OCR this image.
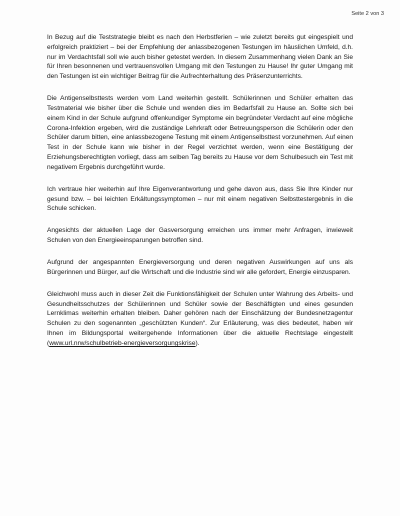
Seite 2 von 3

In Bezug auf die Teststrategie bleibt es nach den Herbstferien – wie zuletzt bereits gut eingespielt und erfolgreich praktiziert – bei der Empfehlung der anlassbezogenen Testungen im häuslichen Umfeld, d.h. nur im Verdachtsfall soll wie auch bisher getestet werden. In diesem Zusammenhang vielen Dank an Sie für Ihren besonnenen und vertrauensvollen Umgang mit den Testungen zu Hause! Ihr guter Umgang mit den Testungen ist ein wichtiger Beitrag für die Aufrechterhaltung des Präsenzunterrichts.

Die Antigenselbsttests werden vom Land weiterhin gestellt. Schülerinnen und Schüler erhalten das Testmaterial wie bisher über die Schule und wenden dies im Bedarfsfall zu Hause an. Sollte sich bei einem Kind in der Schule aufgrund offenkundiger Symptome ein begründeter Verdacht auf eine mögliche Corona-Infektion ergeben, wird die zuständige Lehrkraft oder Betreuungsperson die Schülerin oder den Schüler darum bitten, eine anlassbezogene Testung mit einem Antigenselbsttest vorzunehmen. Auf einen Test in der Schule kann wie bisher in der Regel verzichtet werden, wenn eine Bestätigung der Erziehungsberechtigten vorliegt, dass am selben Tag bereits zu Hause vor dem Schulbesuch ein Test mit negativem Ergebnis durchgeführt wurde.

Ich vertraue hier weiterhin auf Ihre Eigenverantwortung und gehe davon aus, dass Sie Ihre Kinder nur gesund bzw. – bei leichten Erkältungssymptomen – nur mit einem negativen Selbsttestergebnis in die Schule schicken.

Angesichts der aktuellen Lage der Gasversorgung erreichen uns immer mehr Anfragen, inwieweit Schulen von den Energieeinsparungen betroffen sind.

Aufgrund der angespannten Energieversorgung und deren negativen Auswirkungen auf uns als Bürgerinnen und Bürger, auf die Wirtschaft und die Industrie sind wir alle gefordert, Energie einzusparen.

Gleichwohl muss auch in dieser Zeit die Funktionsfähigkeit der Schulen unter Wahrung des Arbeits- und Gesundheitsschutzes der Schülerinnen und Schüler sowie der Beschäftigten und eines gesunden Lernklimas weiterhin erhalten bleiben. Daher gehören nach der Einschätzung der Bundesnetzagentur Schulen zu den sogenannten „geschützten Kunden“. Zur Erläuterung, was dies bedeutet, haben wir Ihnen im Bildungsportal weitergehende Informationen über die aktuelle Rechtslage eingestellt (www.url.nrw/schulbetrieb-energieversorgungskrise).
